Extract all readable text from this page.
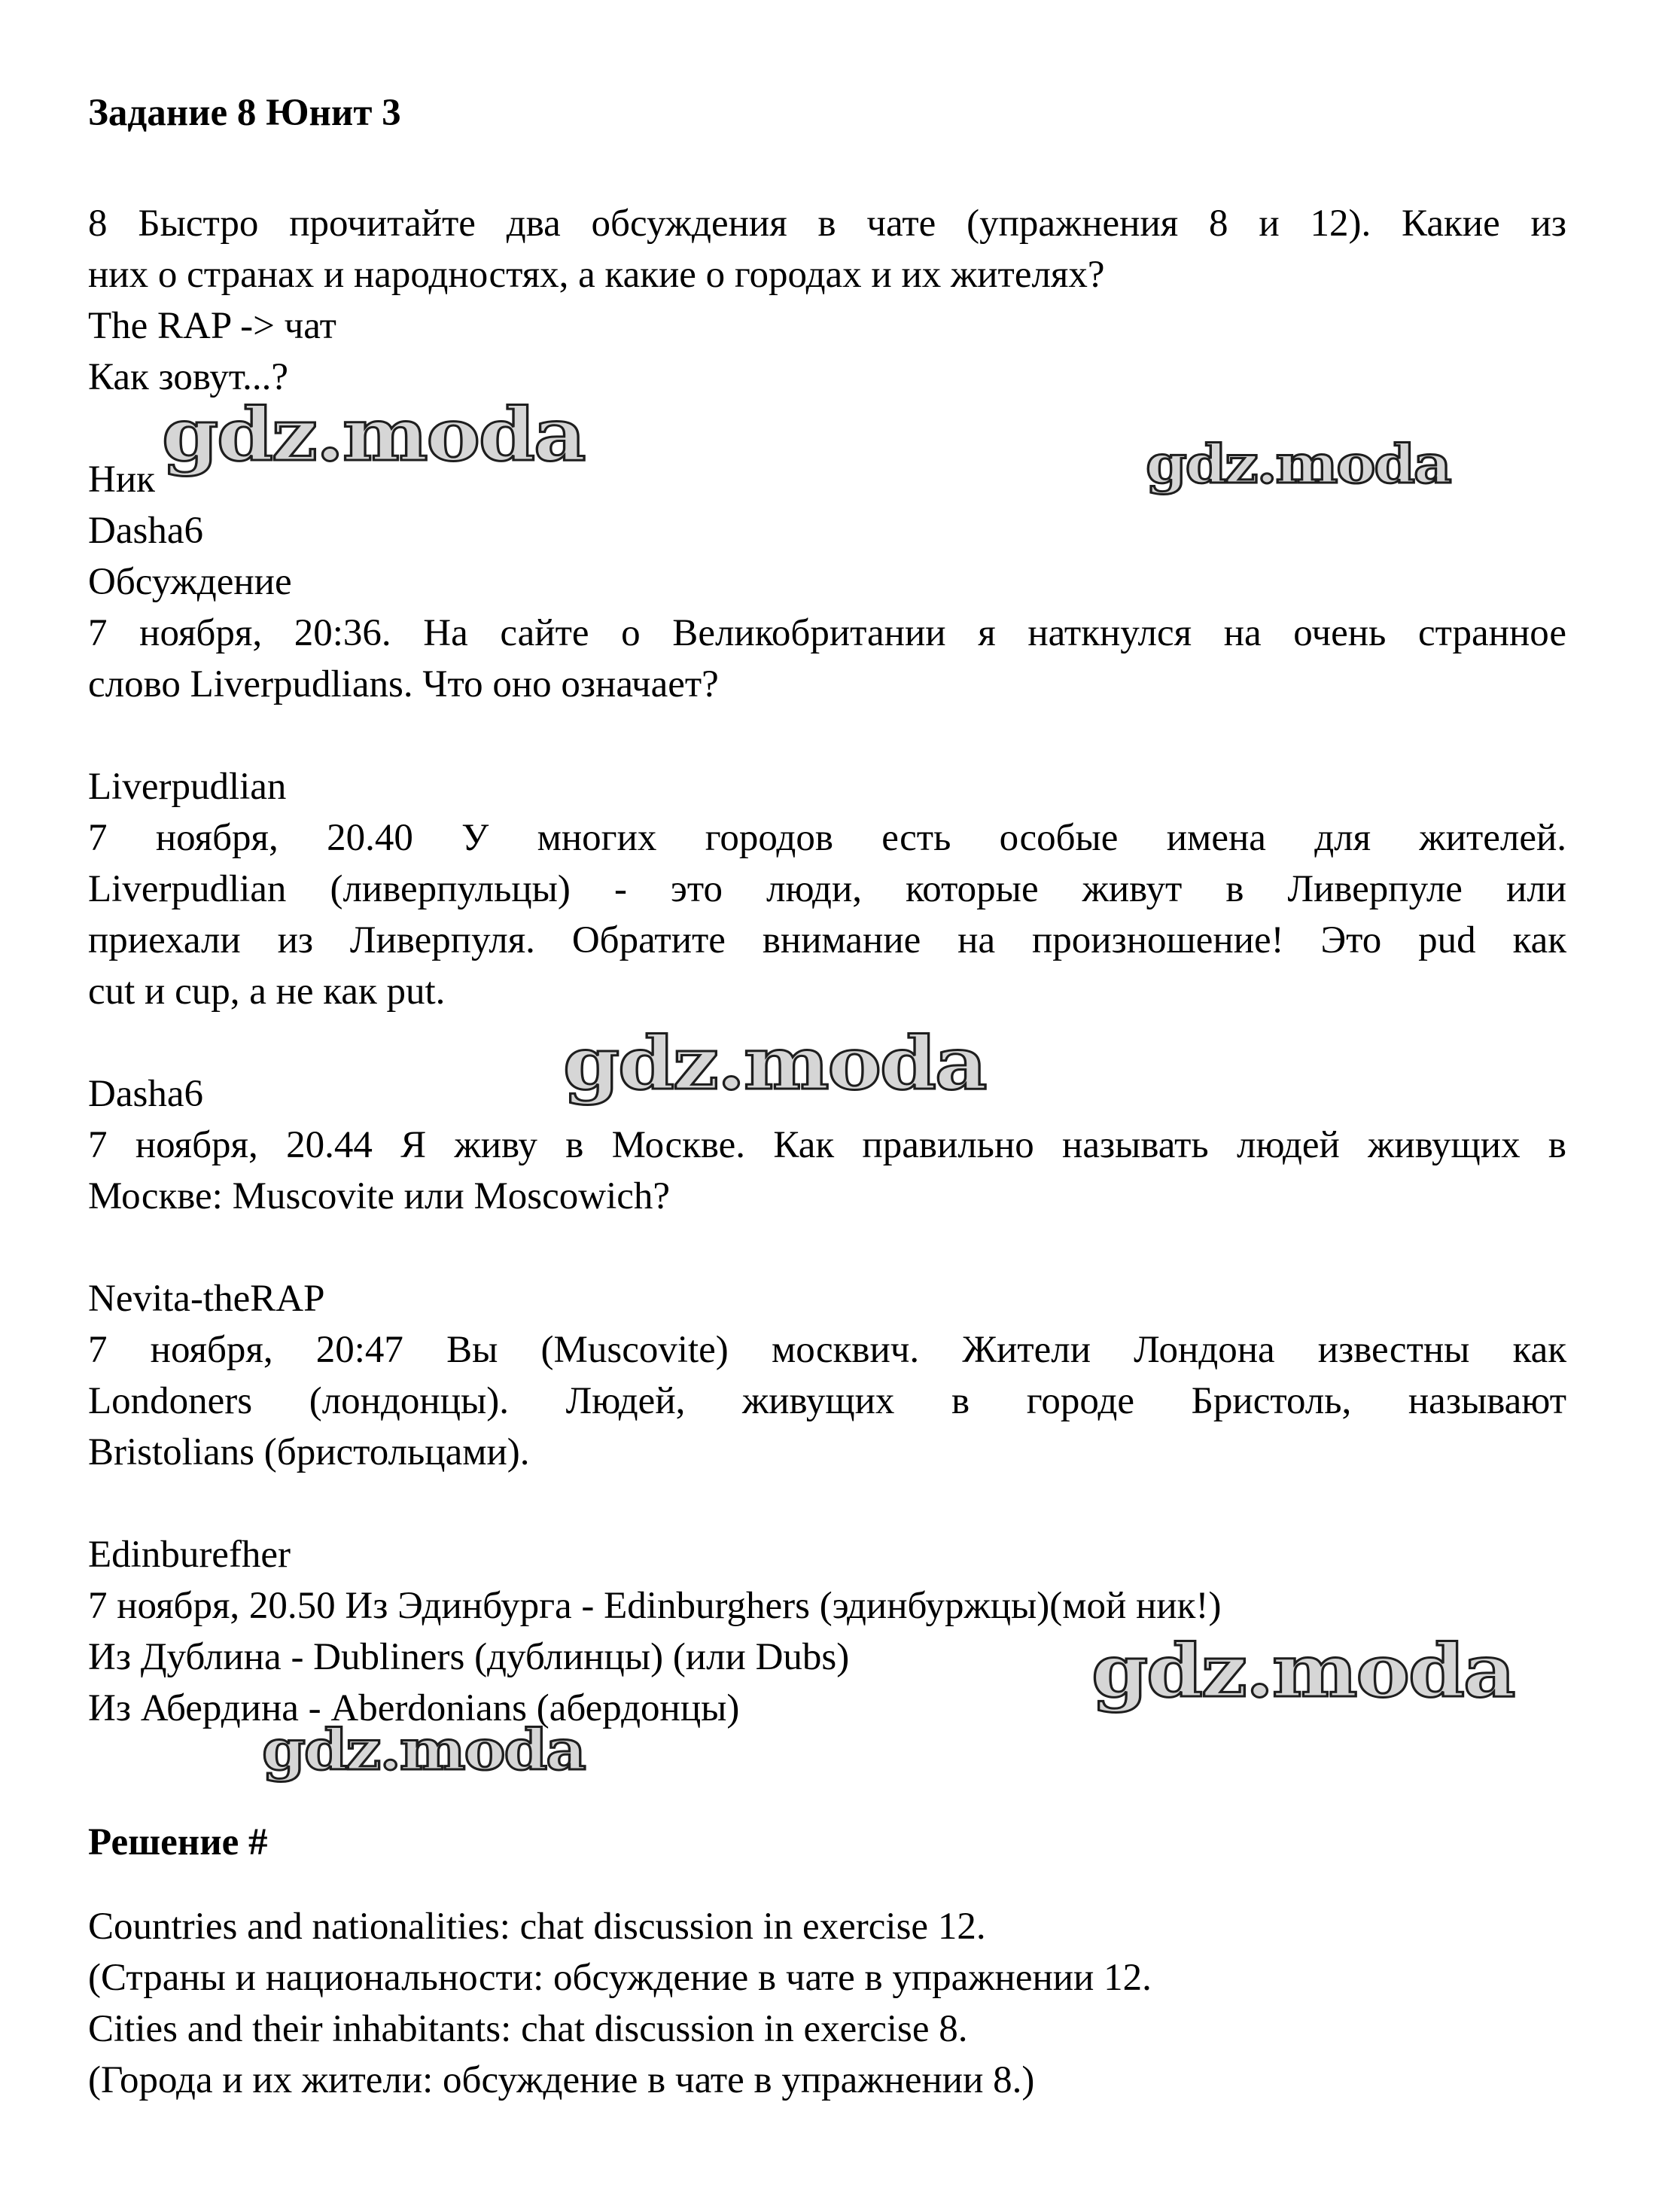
Задание 8 Юнит 3

8 Быстро прочитайте два обсуждения в чате (упражнения 8 и 12). Какие из

них о странах и народностях, а какие о городах и их жителях?

The RAP -> чат

Как зовут...?

Ник

Dasha6

Обсуждение

7 ноября, 20:36. На сайте о Великобритании я наткнулся на очень странное

слово Liverpudlians. Что оно означает?

Liverpudlian

7 ноября, 20.40 У многих городов есть особые имена для жителей.

Liverpudlian (ливерпульцы) - это люди, которые живут в Ливерпуле или

приехали из Ливерпуля. Обратите внимание на произношение! Это pud как

cut и cup, а не как put.

Dasha6

7 ноября, 20.44 Я живу в Москве. Как правильно называть людей живущих в

Москве: Muscovite или Moscowich?

Nevita-theRAP

7 ноября, 20:47 Вы (Muscovite) москвич. Жители Лондона известны как

Londoners (лондонцы). Людей, живущих в городе Бристоль, называют

Bristolians (бристольцами).

Edinburefher

7 ноября, 20.50 Из Эдинбурга - Edinburghers (эдинбуржцы)(мой ник!)

Из Дублина - Dubliners (дублинцы) (или Dubs)

Из Абердина - Aberdonians (абердонцы)

Решение #

Countries and nationalities: chat discussion in exercise 12.

(Страны и национальности: обсуждение в чате в упражнении 12.

Cities and their inhabitants: chat discussion in exercise 8.

(Города и их жители: обсуждение в чате в упражнении 8.)

gdz.moda	gdz.moda

gdz.moda

gdz.moda

gdz.moda
